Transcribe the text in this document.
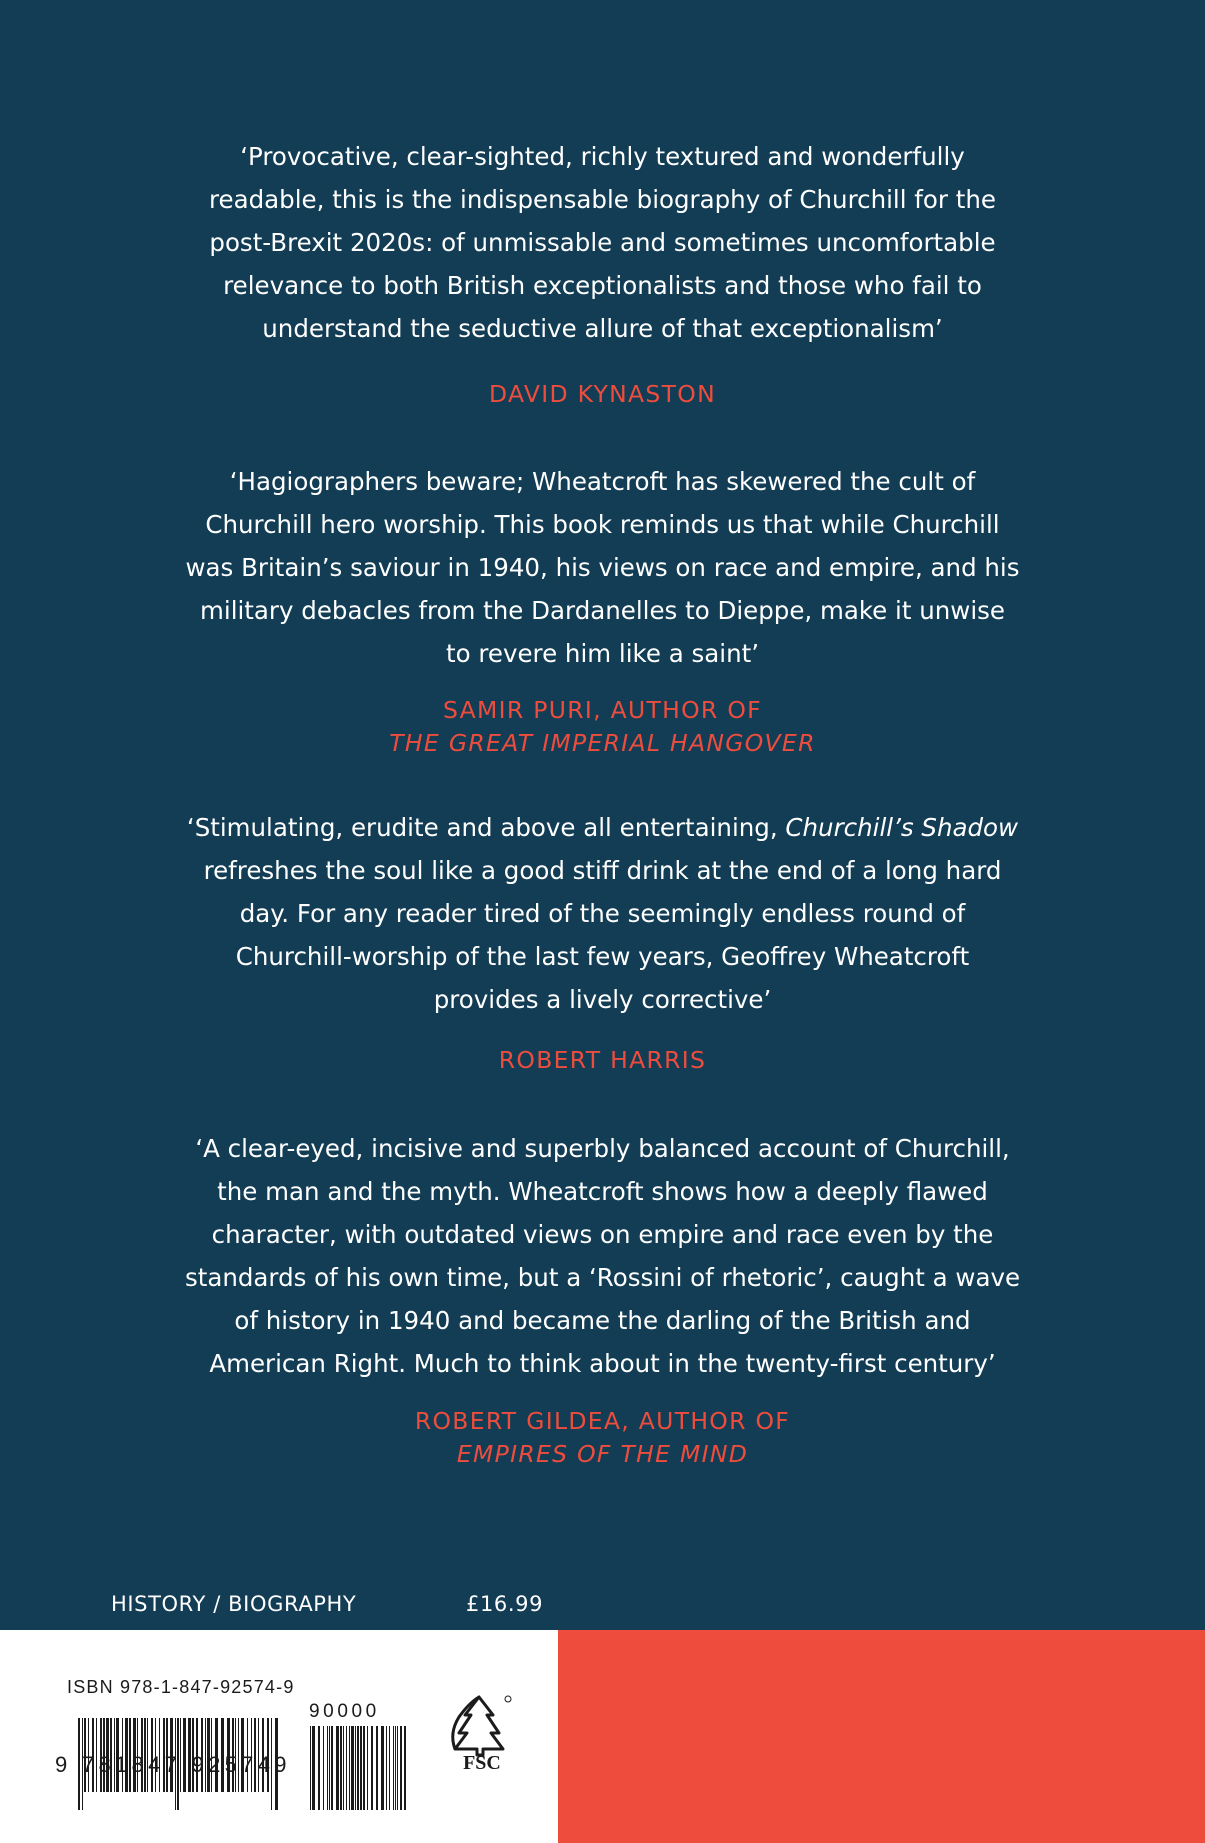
‘Provocative, clear-sighted, richly textured and wonderfully

readable, this is the indispensable biography of Churchill for the

post-Brexit 2020s: of unmissable and sometimes uncomfortable

relevance to both British exceptionalists and those who fail to

understand the seductive allure of that exceptionalism’

DAVID KYNASTON

‘Hagiographers beware; Wheatcroft has skewered the cult of

Churchill hero worship. This book reminds us that while Churchill

was Britain’s saviour in 1940, his views on race and empire, and his

military debacles from the Dardanelles to Dieppe, make it unwise

to revere him like a saint’

SAMIR PURI, AUTHOR OF

THE GREAT IMPERIAL HANGOVER

‘Stimulating, erudite and above all entertaining, Churchill’s Shadow

refreshes the soul like a good stiff drink at the end of a long hard

day. For any reader tired of the seemingly endless round of

Churchill-worship of the last few years, Geoffrey Wheatcroft

provides a lively corrective’

ROBERT HARRIS

‘A clear-eyed, incisive and superbly balanced account of Churchill,

the man and the myth. Wheatcroft shows how a deeply flawed

character, with outdated views on empire and race even by the

standards of his own time, but a ‘Rossini of rhetoric’, caught a wave

of history in 1940 and became the darling of the British and

American Right. Much to think about in the twenty-first century’

ROBERT GILDEA, AUTHOR OF

EMPIRES OF THE MIND

HISTORY / BIOGRAPHY	£16.99
ISBN 978-1-847-92574-9
9 781847 925749
90000
FSC
